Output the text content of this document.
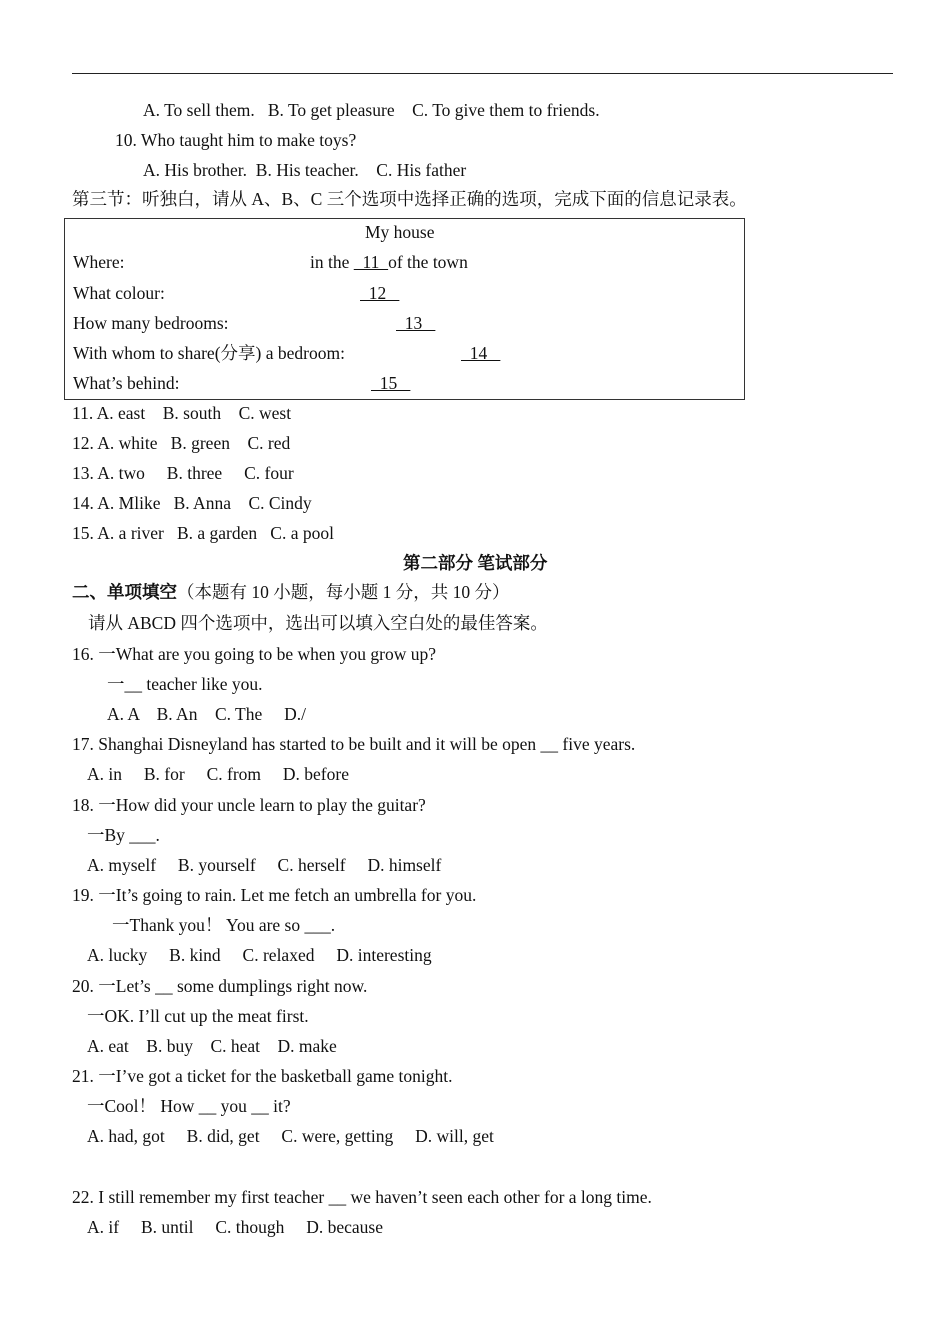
A. To sell them.   B. To get pleasure    C. To give them to friends.
10. Who taught him to make toys?
A. His brother.  B. His teacher.    C. His father
第三节：听独白，请从 A、B、C 三个选项中选择正确的选项，完成下面的信息记录表。
My house
Where:	in the   11  of the town
What colour:	12
How many bedrooms:	13
With whom to share(分享) a bedroom:	14
What’s behind:	15
11. A. east    B. south    C. west
12. A. white   B. green    C. red
13. A. two     B. three     C. four
14. A. Mlike   B. Anna    C. Cindy
15. A. a river   B. a garden   C. a pool
第二部分 笔试部分
二、单项填空（本题有 10 小题，每小题 1 分，共 10 分）
请从 ABCD 四个选项中，选出可以填入空白处的最佳答案。
16. 一What are you going to be when you grow up?
一__ teacher like you.
A. A    B. An    C. The     D./
17. Shanghai Disneyland has started to be built and it will be open __ five years.
A. in     B. for     C. from     D. before
18. 一How did your uncle learn to play the guitar?
一By ___.
A. myself     B. yourself     C. herself     D. himself
19. 一It’s going to rain. Let me fetch an umbrella for you.
一Thank you！ You are so ___.
A. lucky     B. kind     C. relaxed     D. interesting
20. 一Let’s __ some dumplings right now.
一OK. I’ll cut up the meat first.
A. eat    B. buy    C. heat    D. make
21. 一I’ve got a ticket for the basketball game tonight.
一Cool！ How __ you __ it?
A. had, got     B. did, get     C. were, getting     D. will, get
22. I still remember my first teacher __ we haven’t seen each other for a long time.
A. if     B. until     C. though     D. because
